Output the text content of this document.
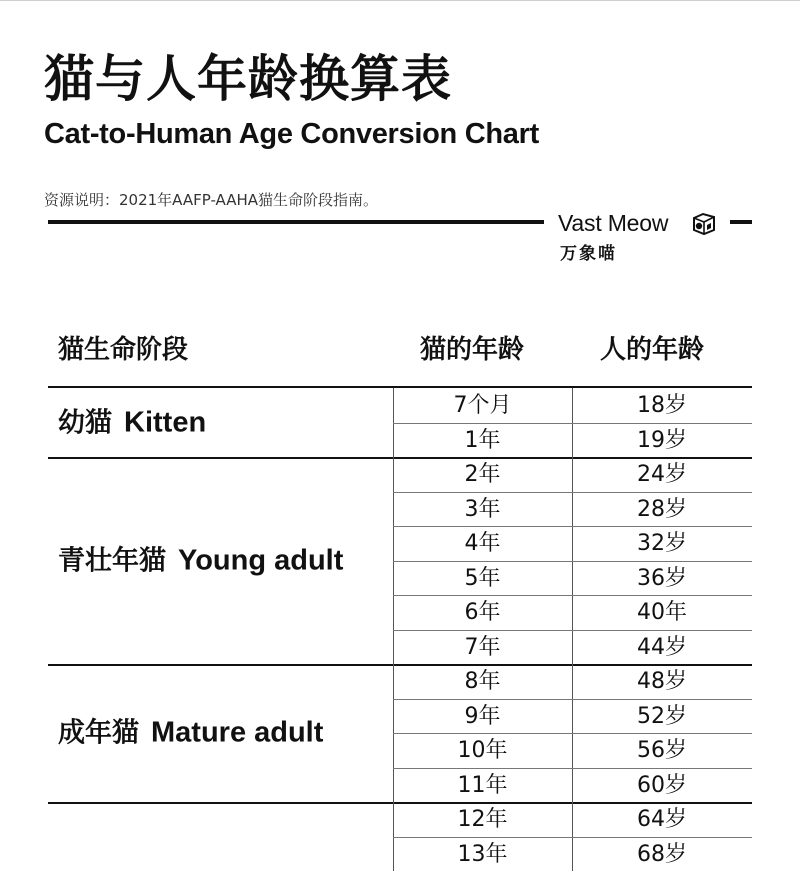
猫与人年龄换算表
Cat-to-Human Age Conversion Chart
资源说明：2021年AAFP-AAHA猫生命阶段指南。
Vast Meow
万象喵
猫生命阶段	猫的年龄	人的年龄
幼猫 Kitten
7个月	18岁
1年	19岁
青壮年猫 Young adult
2年	24岁
3年	28岁
4年	32岁
5年	36岁
6年	40年
7年	44岁
成年猫 Mature adult
8年	48岁
9年	52岁
10年	56岁
11年	60岁
12年	64岁
13年	68岁
